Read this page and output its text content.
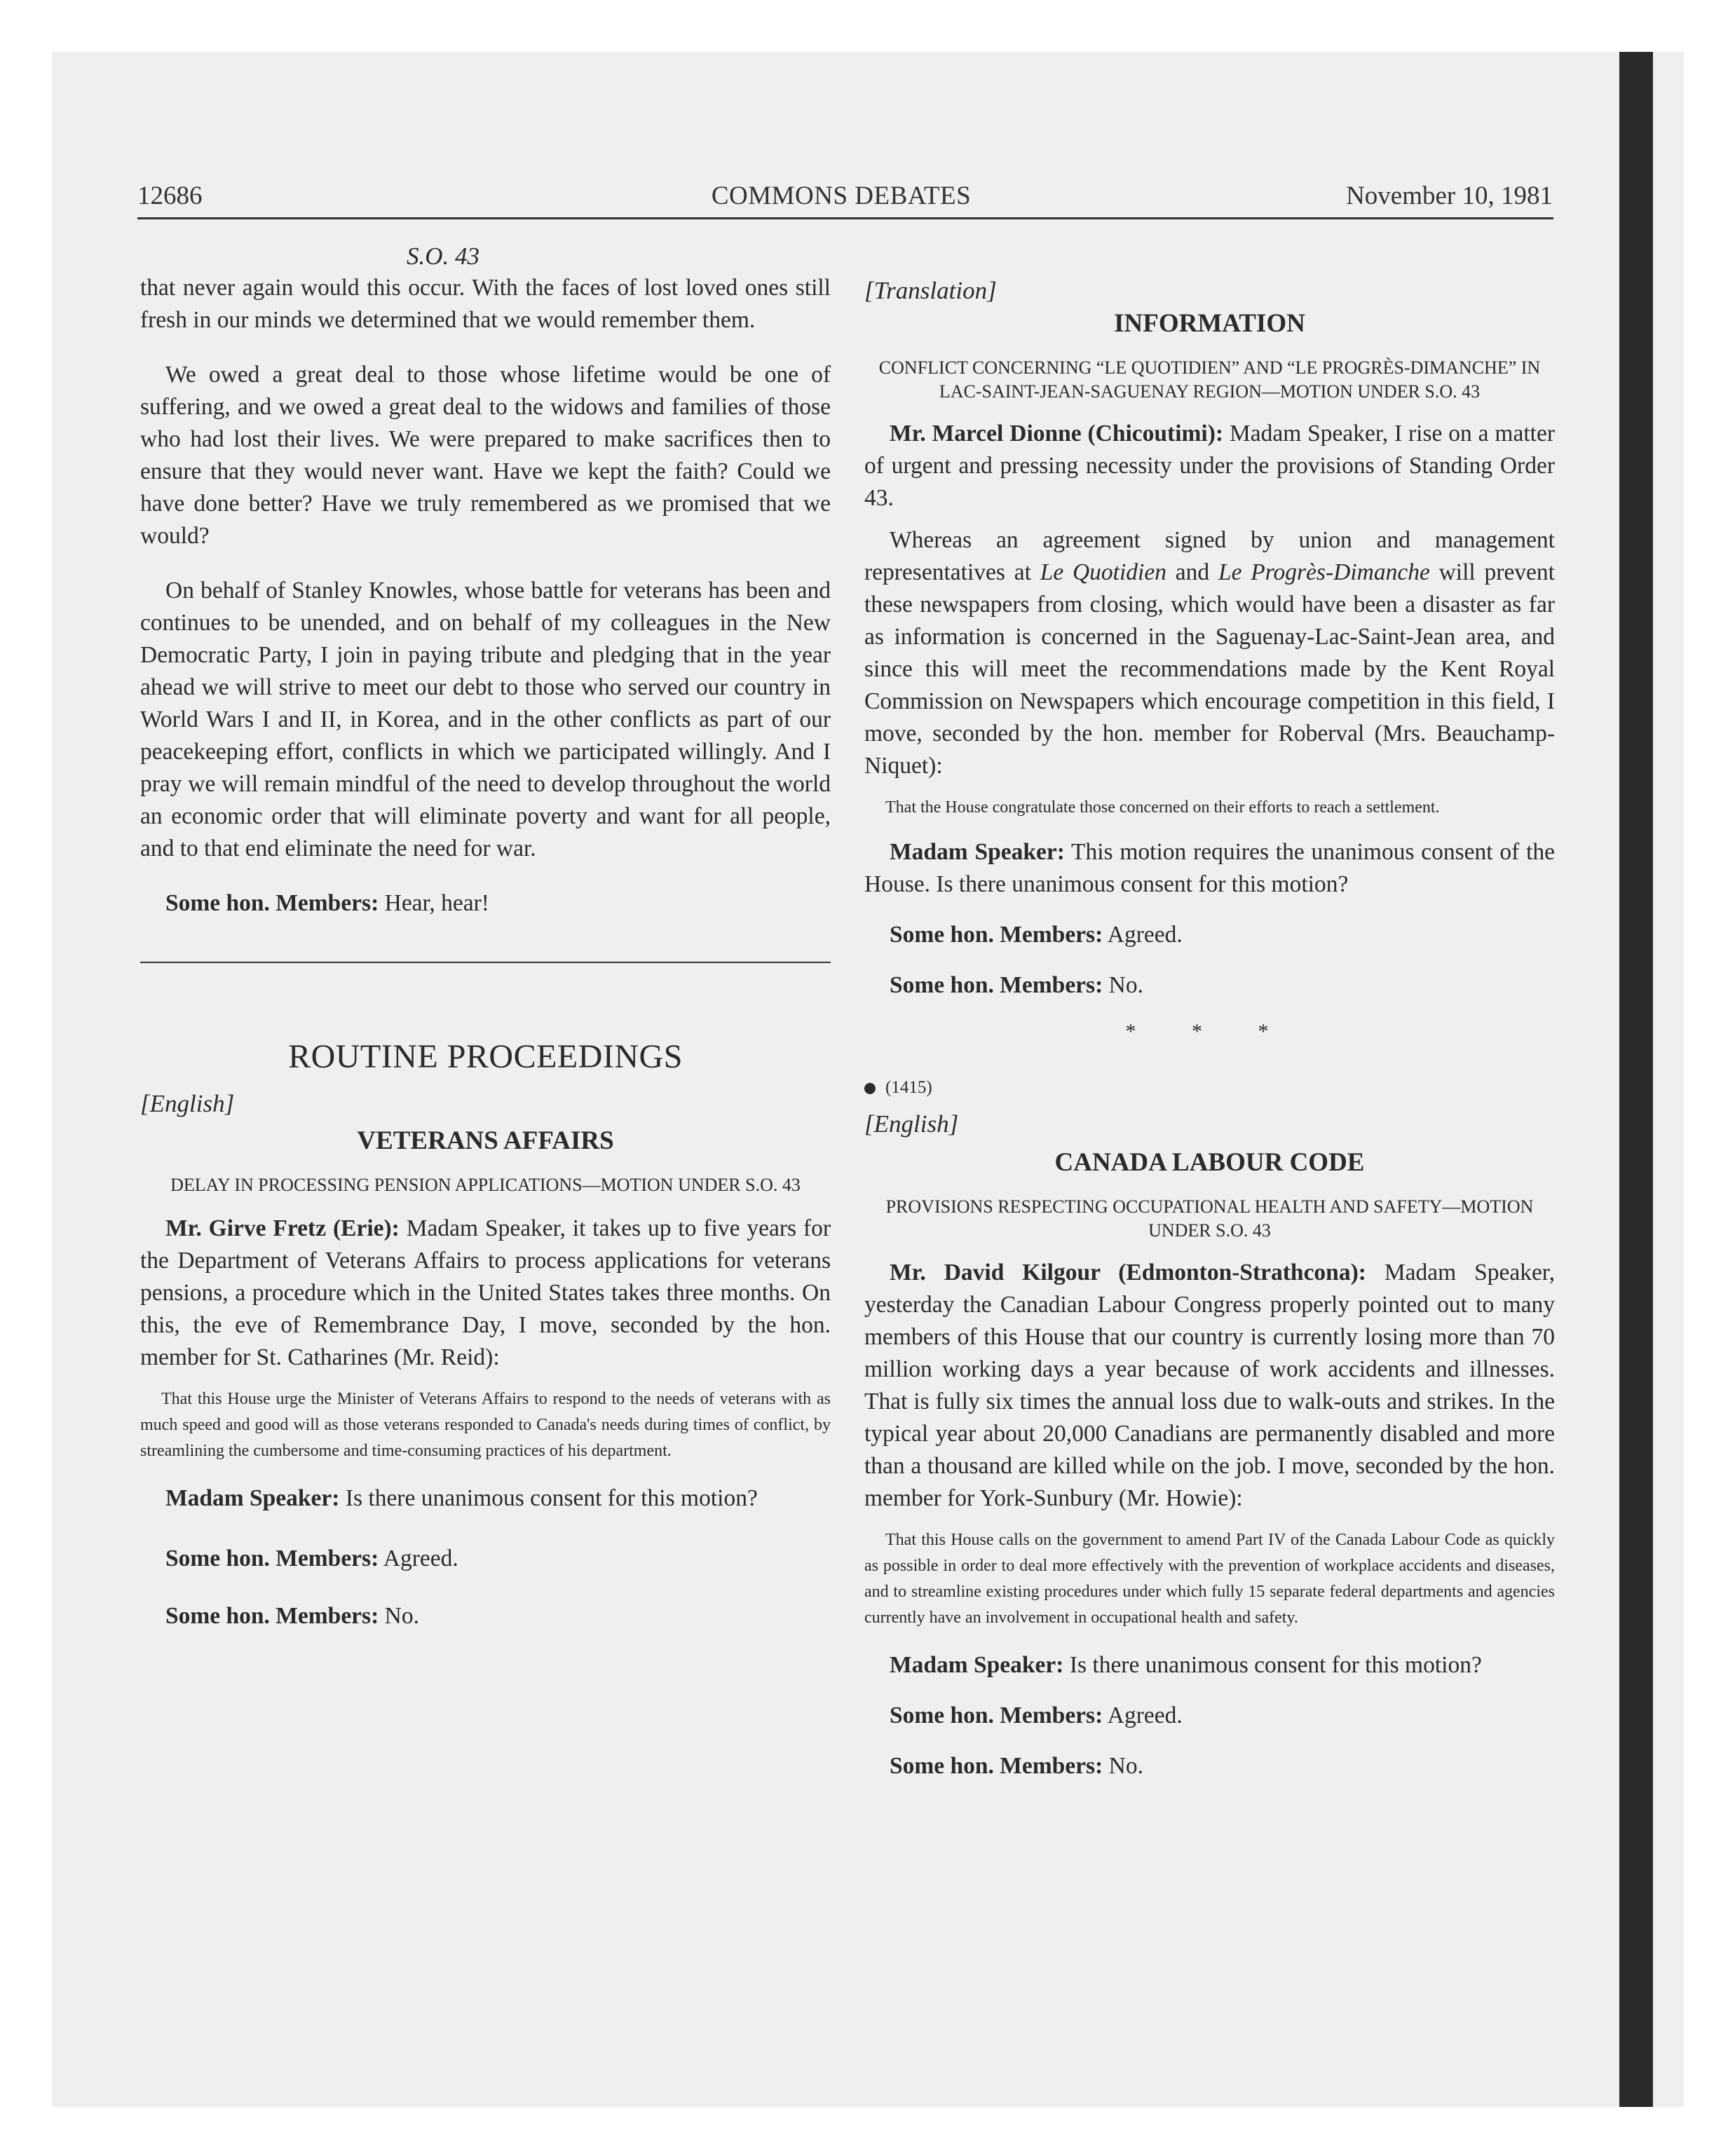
12686	COMMONS DEBATES	November 10, 1981

S.O. 43

that never again would this occur. With the faces of lost loved ones still fresh in our minds we determined that we would remember them.

We owed a great deal to those whose lifetime would be one of suffering, and we owed a great deal to the widows and families of those who had lost their lives. We were prepared to make sacrifices then to ensure that they would never want. Have we kept the faith? Could we have done better? Have we truly remembered as we promised that we would?

On behalf of Stanley Knowles, whose battle for veterans has been and continues to be unended, and on behalf of my colleagues in the New Democratic Party, I join in paying tribute and pledging that in the year ahead we will strive to meet our debt to those who served our country in World Wars I and II, in Korea, and in the other conflicts as part of our peacekeeping effort, conflicts in which we participated willingly. And I pray we will remain mindful of the need to develop throughout the world an economic order that will eliminate poverty and want for all people, and to that end eliminate the need for war.

Some hon. Members: Hear, hear!

ROUTINE PROCEEDINGS

[English]

VETERANS AFFAIRS

DELAY IN PROCESSING PENSION APPLICATIONS—MOTION UNDER S.O. 43

Mr. Girve Fretz (Erie): Madam Speaker, it takes up to five years for the Department of Veterans Affairs to process applications for veterans pensions, a procedure which in the United States takes three months. On this, the eve of Remembrance Day, I move, seconded by the hon. member for St. Catharines (Mr. Reid):

That this House urge the Minister of Veterans Affairs to respond to the needs of veterans with as much speed and good will as those veterans responded to Canada's needs during times of conflict, by streamlining the cumbersome and time-consuming practices of his department.

Madam Speaker: Is there unanimous consent for this motion?

Some hon. Members: Agreed.

Some hon. Members: No.

[Translation]

INFORMATION

CONFLICT CONCERNING “LE QUOTIDIEN” AND “LE PROGRÈS-DIMANCHE” IN LAC-SAINT-JEAN-SAGUENAY REGION—MOTION UNDER S.O. 43

Mr. Marcel Dionne (Chicoutimi): Madam Speaker, I rise on a matter of urgent and pressing necessity under the provisions of Standing Order 43.

Whereas an agreement signed by union and management representatives at Le Quotidien and Le Progrès-Dimanche will prevent these newspapers from closing, which would have been a disaster as far as information is concerned in the Saguenay-Lac-Saint-Jean area, and since this will meet the recommendations made by the Kent Royal Commission on Newspapers which encourage competition in this field, I move, seconded by the hon. member for Roberval (Mrs. Beauchamp-Niquet):

That the House congratulate those concerned on their efforts to reach a settlement.

Madam Speaker: This motion requires the unanimous consent of the House. Is there unanimous consent for this motion?

Some hon. Members: Agreed.

Some hon. Members: No.

* * *

(1415)

[English]

CANADA LABOUR CODE

PROVISIONS RESPECTING OCCUPATIONAL HEALTH AND SAFETY—MOTION UNDER S.O. 43

Mr. David Kilgour (Edmonton-Strathcona): Madam Speaker, yesterday the Canadian Labour Congress properly pointed out to many members of this House that our country is currently losing more than 70 million working days a year because of work accidents and illnesses. That is fully six times the annual loss due to walk-outs and strikes. In the typical year about 20,000 Canadians are permanently disabled and more than a thousand are killed while on the job. I move, seconded by the hon. member for York-Sunbury (Mr. Howie):

That this House calls on the government to amend Part IV of the Canada Labour Code as quickly as possible in order to deal more effectively with the prevention of workplace accidents and diseases, and to streamline existing procedures under which fully 15 separate federal departments and agencies currently have an involvement in occupational health and safety.

Madam Speaker: Is there unanimous consent for this motion?

Some hon. Members: Agreed.

Some hon. Members: No.
